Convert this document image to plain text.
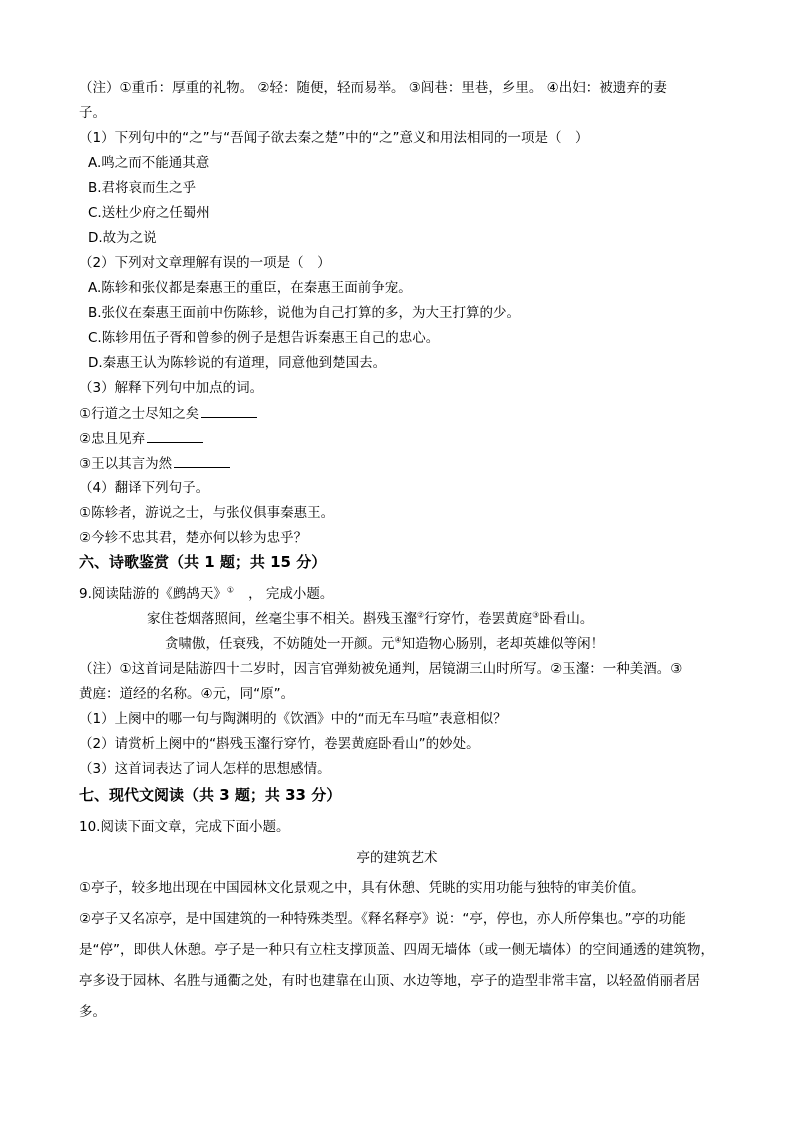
（注）①重币：厚重的礼物。 ②轻：随便，轻而易举。 ③闾巷：里巷，乡里。 ④出妇：被遗弃的妻
子。
（1）下列句中的“之”与“吾闻子欲去秦之楚”中的“之”意义和用法相同的一项是（　）
A.鸣之而不能通其意
B.君将哀而生之乎
C.送杜少府之任蜀州
D.故为之说
（2）下列对文章理解有误的一项是（　）
A.陈轸和张仪都是秦惠王的重臣，在秦惠王面前争宠。
B.张仪在秦惠王面前中伤陈轸，说他为自己打算的多，为大王打算的少。
C.陈轸用伍子胥和曾参的例子是想告诉秦惠王自己的忠心。
D.秦惠王认为陈轸说的有道理，同意他到楚国去。
（3）解释下列句中加点的词。
①行道之士尽知之矣
②忠且见弃
③王以其言为然
（4）翻译下列句子。
①陈轸者，游说之士，与张仪俱事秦惠王。
②今轸不忠其君，楚亦何以轸为忠乎？
六、诗歌鉴赏（共 1 题；共 15 分）
9.阅读陆游的《鹧鸪天》① ， 完成小题。
家住苍烟落照间，丝毫尘事不相关。斟残玉瀣②行穿竹，卷罢黄庭③卧看山。
贪啸傲，任衰残，不妨随处一开颜。元④知造物心肠别，老却英雄似等闲！
（注）①这首词是陆游四十二岁时，因言官弹劾被免通判，居镜湖三山时所写。②玉瀣：一种美酒。③
黄庭：道经的名称。④元，同“原”。
（1）上阕中的哪一句与陶渊明的《饮酒》中的“而无车马喧”表意相似？
（2）请赏析上阕中的“斟残玉瀣行穿竹，卷罢黄庭卧看山”的妙处。
（3）这首词表达了词人怎样的思想感情。
七、现代文阅读（共 3 题；共 33 分）
10.阅读下面文章，完成下面小题。
亭的建筑艺术
①亭子，较多地出现在中国园林文化景观之中，具有休憩、凭眺的实用功能与独特的审美价值。
②亭子又名凉亭，是中国建筑的一种特殊类型。《释名释亭》说：“亭，停也，亦人所停集也。”亭的功能
是“停”，即供人休憩。亭子是一种只有立柱支撑顶盖、四周无墙体（或一侧无墙体）的空间通透的建筑物，
亭多设于园林、名胜与通衢之处，有时也建靠在山顶、水边等地，亭子的造型非常丰富，以轻盈俏丽者居
多。
